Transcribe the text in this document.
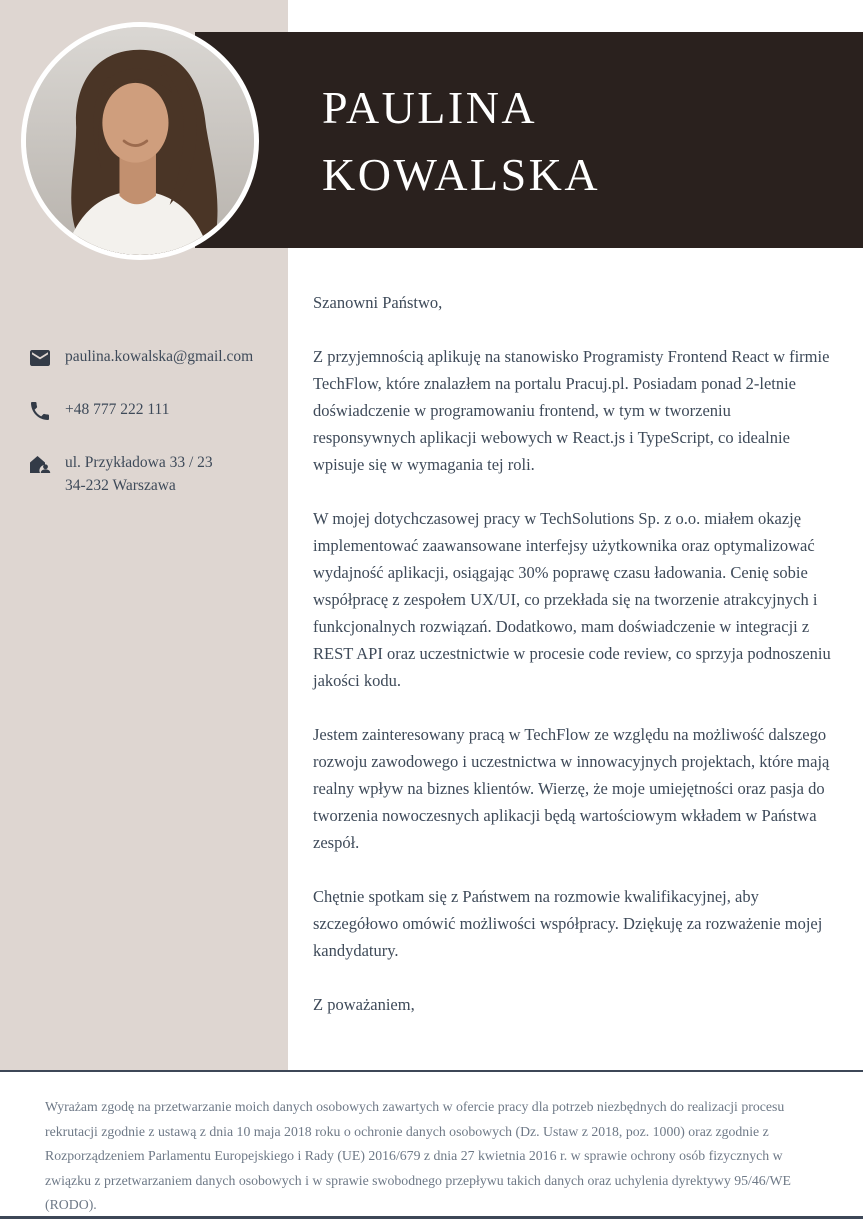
PAULINA
KOWALSKA
paulina.kowalska@gmail.com
+48 777 222 111
ul. Przykładowa 33 / 23
34-232 Warszawa

Szanowni Państwo,

Z przyjemnością aplikuję na stanowisko Programisty Frontend React w firmie TechFlow, które znalazłem na portalu Pracuj.pl. Posiadam ponad 2-letnie doświadczenie w programowaniu frontend, w tym w tworzeniu responsywnych aplikacji webowych w React.js i TypeScript, co idealnie wpisuje się w wymagania tej roli.

W mojej dotychczasowej pracy w TechSolutions Sp. z o.o. miałem okazję implementować zaawansowane interfejsy użytkownika oraz optymalizować wydajność aplikacji, osiągając 30% poprawę czasu ładowania. Cenię sobie współpracę z zespołem UX/UI, co przekłada się na tworzenie atrakcyjnych i funkcjonalnych rozwiązań. Dodatkowo, mam doświadczenie w integracji z REST API oraz uczestnictwie w procesie code review, co sprzyja podnoszeniu jakości kodu.

Jestem zainteresowany pracą w TechFlow ze względu na możliwość dalszego rozwoju zawodowego i uczestnictwa w innowacyjnych projektach, które mają realny wpływ na biznes klientów. Wierzę, że moje umiejętności oraz pasja do tworzenia nowoczesnych aplikacji będą wartościowym wkładem w Państwa zespół.

Chętnie spotkam się z Państwem na rozmowie kwalifikacyjnej, aby szczegółowo omówić możliwości współpracy. Dziękuję za rozważenie mojej kandydatury.

Z poważaniem,

Wyrażam zgodę na przetwarzanie moich danych osobowych zawartych w ofercie pracy dla potrzeb niezbędnych do realizacji procesu rekrutacji zgodnie z ustawą z dnia 10 maja 2018 roku o ochronie danych osobowych (Dz. Ustaw z 2018, poz. 1000) oraz zgodnie z Rozporządzeniem Parlamentu Europejskiego i Rady (UE) 2016/679 z dnia 27 kwietnia 2016 r. w sprawie ochrony osób fizycznych w związku z przetwarzaniem danych osobowych i w sprawie swobodnego przepływu takich danych oraz uchylenia dyrektywy 95/46/WE (RODO).
